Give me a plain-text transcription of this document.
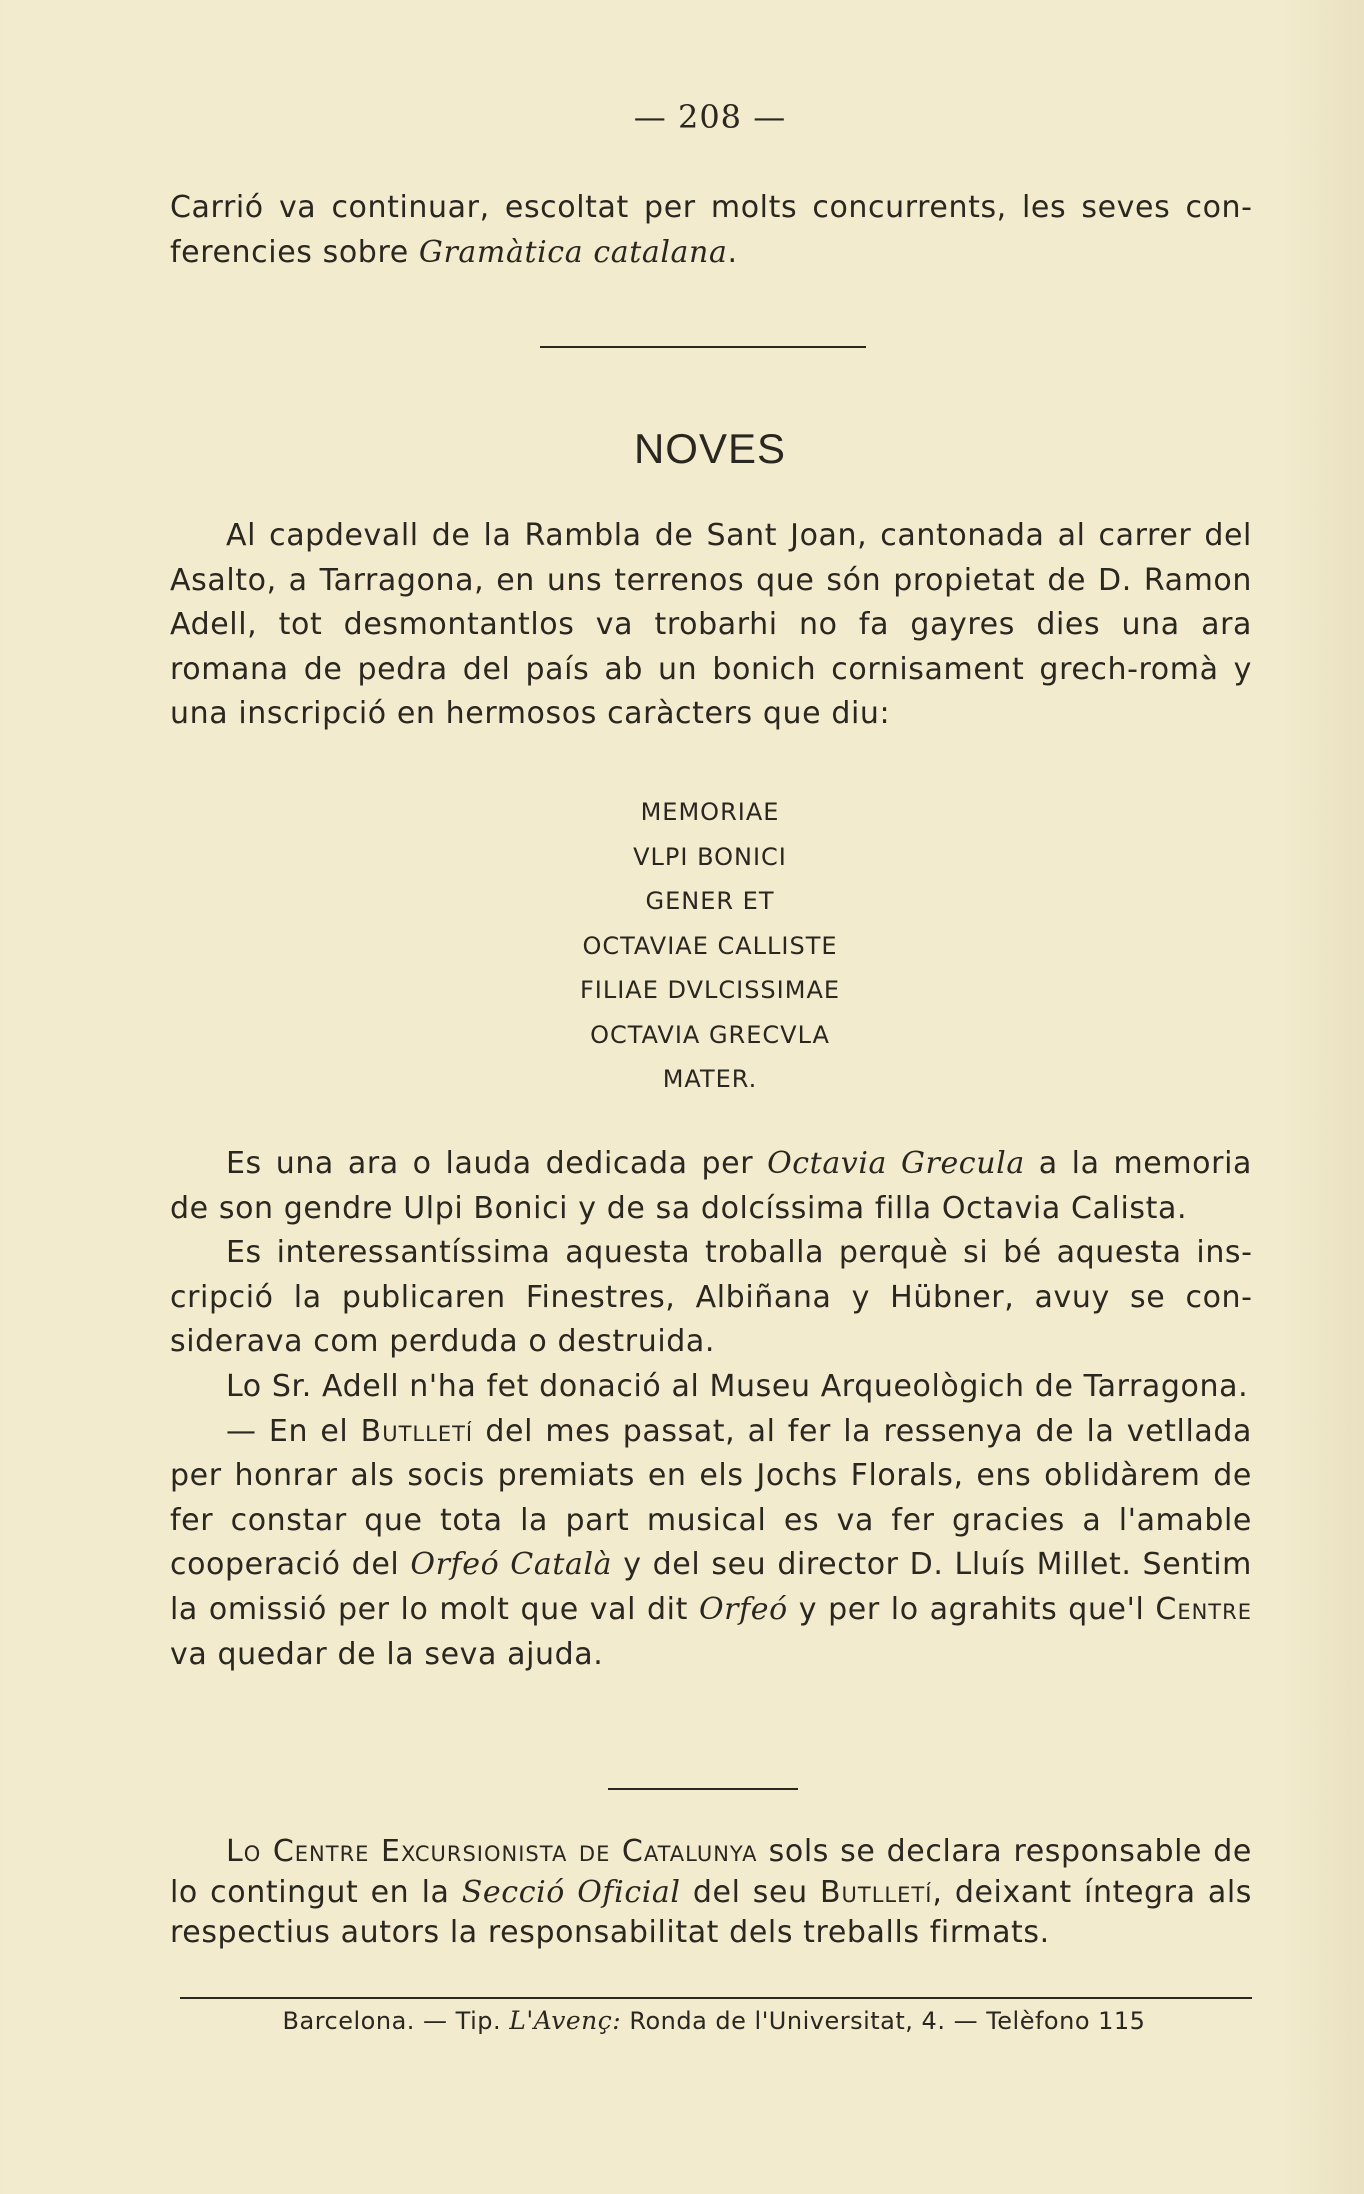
— 208 —

Carrió va continuar, escoltat per molts concurrents, les seves conferencies sobre Gramàtica catalana.

NOVES

Al capdevall de la Rambla de Sant Joan, cantonada al carrer del Asalto, a Tarragona, en uns terrenos que són propietat de D. Ramon Adell, tot desmontantlos va trobarhi no fa gayres dies una ara romana de pedra del país ab un bonich cornisament grech-romà y una inscripció en hermosos caràcters que diu:

MEMORIAE
VLPI BONICI
GENER ET
OCTAVIAE CALLISTE
FILIAE DVLCISSIMAE
OCTAVIA GRECVLA
MATER.

Es una ara o lauda dedicada per Octavia Grecula a la memoria de son gendre Ulpi Bonici y de sa dolcíssima filla Octavia Calista.

Es interessantíssima aquesta troballa perquè si bé aquesta inscripció la publicaren Finestres, Albiñana y Hübner, avuy se considerava com perduda o destruida.

Lo Sr. Adell n'ha fet donació al Museu Arqueològich de Tarragona.

— En el Butlletí del mes passat, al fer la ressenya de la vetllada per honrar als socis premiats en els Jochs Florals, ens oblidàrem de fer constar que tota la part musical es va fer gracies a l'amable cooperació del Orfeó Català y del seu director D. Lluís Millet. Sentim la omissió per lo molt que val dit Orfeó y per lo agrahits que'l Centre va quedar de la seva ajuda.

Lo Centre Excursionista de Catalunya sols se declara responsable de lo contingut en la Secció Oficial del seu Butlletí, deixant íntegra als respectius autors la responsabilitat dels treballs firmats.

Barcelona. — Tip. L'Avenç: Ronda de l'Universitat, 4. — Telèfono 115
